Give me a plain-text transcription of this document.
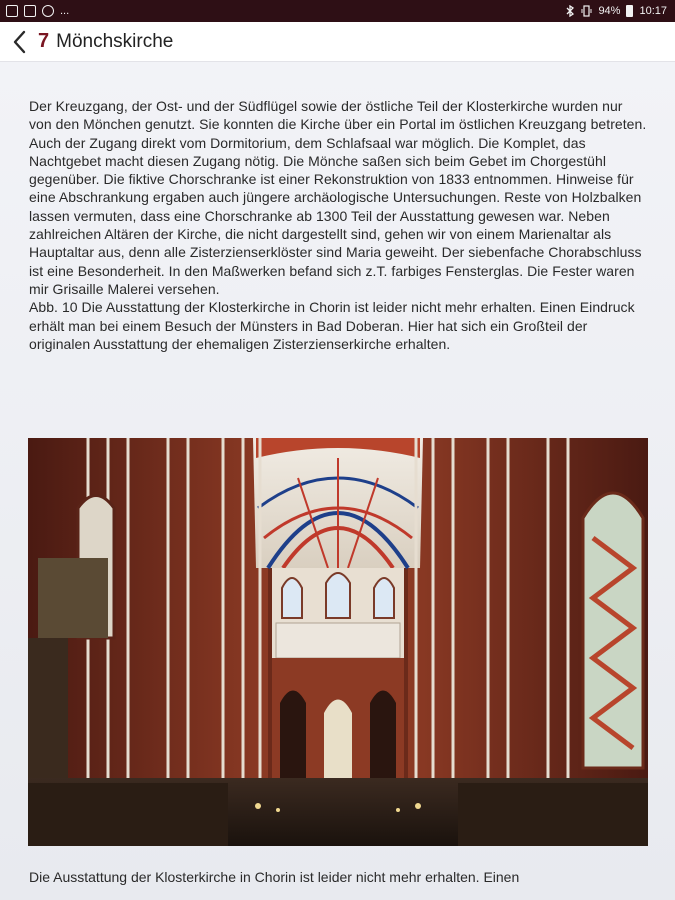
...	94% 10:17
7 Mönchskirche

Der Kreuzgang, der Ost- und der Südflügel sowie der östliche Teil der Klosterkirche wurden nur von den Mönchen genutzt. Sie konnten die Kirche über ein Portal im östlichen Kreuzgang betreten. Auch der Zugang direkt vom Dormitorium, dem Schlafsaal war möglich. Die Komplet, das Nachtgebet macht diesen Zugang nötig. Die Mönche saßen sich beim Gebet im Chorgestühl gegenüber. Die fiktive Chorschranke ist einer Rekonstruktion von 1833 entnommen. Hinweise für eine Abschrankung ergaben auch jüngere archäologische Untersuchungen. Reste von Holzbalken lassen vermuten, dass eine Chorschranke ab 1300 Teil der Ausstattung gewesen war. Neben zahlreichen Altären der Kirche, die nicht dargestellt sind, gehen wir von einem Marienaltar als Hauptaltar aus, denn alle Zisterzienserklöster sind Maria geweiht. Der siebenfache Chorabschluss ist eine Besonderheit. In den Maßwerken befand sich z.T. farbiges Fensterglas. Die Fester waren mir Grisaille Malerei versehen.

Abb. 10 Die Ausstattung der Klosterkirche in Chorin ist leider nicht mehr erhalten. Einen Eindruck erhält man bei einem Besuch der Münsters in Bad Doberan. Hier hat sich ein Großteil der originalen Ausstattung der ehemaligen Zisterzienserkirche erhalten.

Die Ausstattung der Klosterkirche in Chorin ist leider nicht mehr erhalten. Einen
